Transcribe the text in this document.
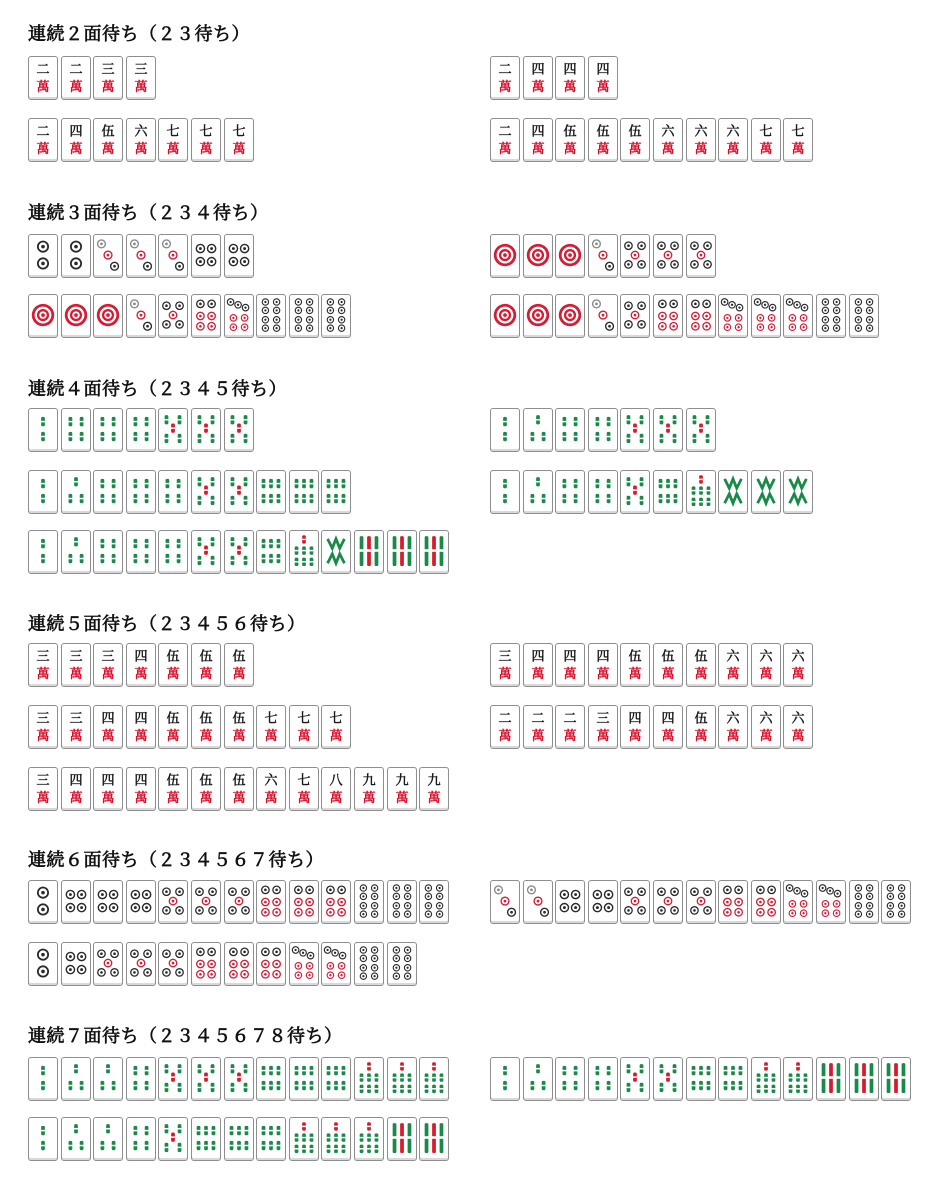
連続２面待ち（２３待ち）
二
萬
二
萬
三
萬
三
萬
二
萬
四
萬
四
萬
四
萬
二
萬
四
萬
伍
萬
六
萬
七
萬
七
萬
七
萬
二
萬
四
萬
伍
萬
伍
萬
伍
萬
六
萬
六
萬
六
萬
七
萬
七
萬
連続３面待ち（２３４待ち）
連続４面待ち（２３４５待ち）
連続５面待ち（２３４５６待ち）
三
萬
三
萬
三
萬
四
萬
伍
萬
伍
萬
伍
萬
三
萬
四
萬
四
萬
四
萬
伍
萬
伍
萬
伍
萬
六
萬
六
萬
六
萬
三
萬
三
萬
四
萬
四
萬
伍
萬
伍
萬
伍
萬
七
萬
七
萬
七
萬
二
萬
二
萬
二
萬
三
萬
四
萬
四
萬
伍
萬
六
萬
六
萬
六
萬
三
萬
四
萬
四
萬
四
萬
伍
萬
伍
萬
伍
萬
六
萬
七
萬
八
萬
九
萬
九
萬
九
萬
連続６面待ち（２３４５６７待ち）
連続７面待ち（２３４５６７８待ち）
